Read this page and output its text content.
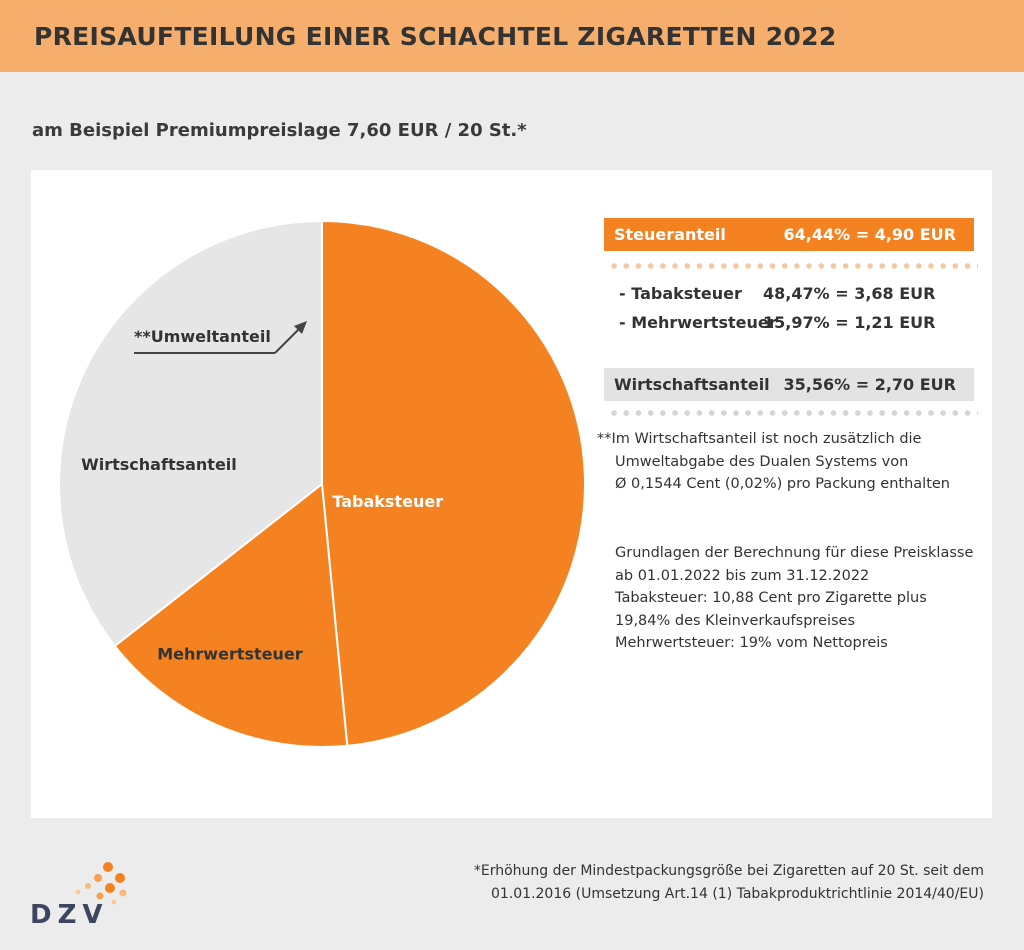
PREISAUFTEILUNG EINER SCHACHTEL ZIGARETTEN 2022
am Beispiel Premiumpreislage 7,60 EUR / 20 St.*
Tabaksteuer
Mehrwertsteuer
Wirtschaftsanteil
**Umweltanteil
Steueranteil	64,44% = 4,90 EUR
- Tabaksteuer 48,47% = 3,68 EUR
- Mehrwertsteuer
15,97% = 1,21 EUR
Wirtschaftsanteil 35,56% = 2,70 EUR
**Im Wirtschaftsanteil ist noch zusätzlich die
Umweltabgabe des Dualen Systems von
Ø 0,1544 Cent (0,02%) pro Packung enthalten
Grundlagen der Berechnung für diese Preisklasse
ab 01.01.2022 bis zum 31.12.2022
Tabaksteuer: 10,88 Cent pro Zigarette plus
19,84% des Kleinverkaufspreises
Mehrwertsteuer: 19% vom Nettopreis
DZV
*Erhöhung der Mindestpackungsgröße bei Zigaretten auf 20 St. seit dem
01.01.2016 (Umsetzung Art.14 (1) Tabakproduktrichtlinie 2014/40/EU)
